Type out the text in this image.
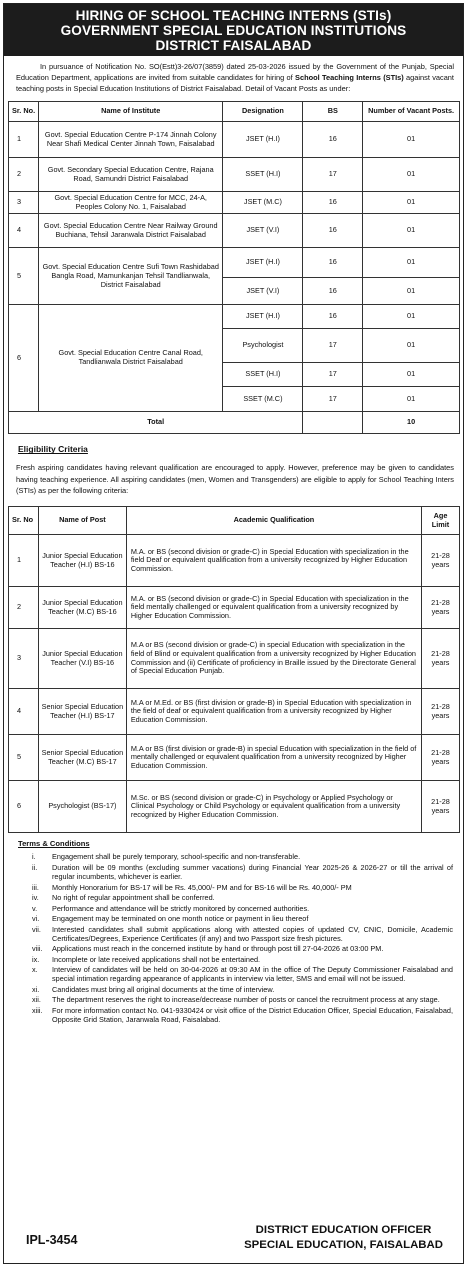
HIRING OF SCHOOL TEACHING INTERNS (STIs)
GOVERNMENT SPECIAL EDUCATION INSTITUTIONS
DISTRICT FAISALABAD

In pursuance of Notification No. SO(Estt)3-26/07(3859) dated 25-03-2026 issued by the Government of the Punjab, Special Education Department, applications are invited from suitable candidates for hiring of School Teaching Interns (STIs) against vacant teaching posts in Special Education Institutions of District Faisalabad. Detail of Vacant Posts as under:

Sr. No.	Name of Institute	Designation	BS	Number of Vacant Posts.
1	Govt. Special Education Centre P-174 Jinnah Colony Near Shafi Medical Center Jinnah Town, Faisalabad	JSET (H.I)	16	01
2	Govt. Secondary Special Education Centre, Rajana Road, Samundri District Faisalabad	SSET (H.I)	17	01
3	Govt. Special Education Centre for MCC, 24-A, Peoples Colony No. 1, Faisalabad	JSET (M.C)	16	01
4	Govt. Special Education Centre Near Railway Ground Buchiana, Tehsil Jaranwala District Faisalabad	JSET (V.I)	16	01
5	Govt. Special Education Centre Sufi Town Rashidabad Bangla Road, Mamunkanjan Tehsil Tandlianwala, District Faisalabad	JSET (H.I)	16	01
		JSET (V.I)	16	01
6	Govt. Special Education Centre Canal Road, Tandlianwala District Faisalabad	JSET (H.I)	16	01
		Psychologist	17	01
		SSET (H.I)	17	01
		SSET (M.C)	17	01
Total				10
Eligibility Criteria

Fresh aspiring candidates having relevant qualification are encouraged to apply. However, preference may be given to candidates having teaching experience. All aspiring candidates (men, Women and Transgenders) are eligible to apply for School Teaching Inters (STIs) as per the following criteria:

Sr. No	Name of Post	Academic Qualification	Age Limit
1	Junior Special Education Teacher (H.I) BS-16	M.A. or BS (second division or grade-C) in Special Education with specialization in the field Deaf or equivalent qualification from a university recognized by Higher Education Commission.	21-28 years
2	Junior Special Education Teacher (M.C) BS-16	M.A. or BS (second division or grade-C) in Special Education with specialization in the field mentally challenged or equivalent qualification from a university recognized by Higher Education Commission.	21-28 years
3	Junior Special Education Teacher (V.I) BS-16	M.A or BS (second division or grade-C) in special Education with specialization in the field of Blind or equivalent qualification from a university recognized by Higher Education Commission and (ii) Certificate of proficiency in Braille issued by the Directorate General of Special Education Punjab.	21-28 years
4	Senior Special Education Teacher (H.I) BS-17	M.A or M.Ed. or BS (first division or grade-B) in Special Education with specialization in the field of deaf or equivalent qualification from a university recognized by Higher Education Commission.	21-28 years
5	Senior Special Education Teacher (M.C) BS-17	M.A or BS (first division or grade-B) in special Education with specialization in the field of mentally challenged or equivalent qualification from a university recognized by Higher Education Commission.	21-28 years
6	Psychologist (BS-17)	M.Sc. or BS (second division or grade-C) in Psychology or Applied Psychology or Clinical Psychology or Child Psychology or equivalent qualification from a university recognized by Higher Education Commission.	21-28 years
Terms & Conditions
i.	Engagement shall be purely temporary, school-specific and non-transferable.
ii.	Duration will be 09 months (excluding summer vacations) during Financial Year 2025-26 & 2026-27 or till the arrival of regular incumbents, whichever is earlier.
iii.	Monthly Honorarium for BS-17 will be Rs. 45,000/- PM and for BS-16 will be Rs. 40,000/- PM
iv.	No right of regular appointment shall be conferred.
v.	Performance and attendance will be strictly monitored by concerned authorities.
vi.	Engagement may be terminated on one month notice or payment in lieu thereof
vii.	Interested candidates shall submit applications along with attested copies of updated CV, CNIC, Domicile, Academic Certificates/Degrees, Experience Certificates (if any) and two Passport size fresh pictures.
viii.	Applications must reach in the concerned institute by hand or through post till 27-04-2026 at 03:00 PM.
ix.	Incomplete or late received applications shall not be entertained.
x.	Interview of candidates will be held on 30-04-2026 at 09:30 AM in the office of The Deputy Commissioner Faisalabad and special intimation regarding appearance of applicants in interview via letter, SMS and email will not be issued.
xi.	Candidates must bring all original documents at the time of interview.
xii.	The department reserves the right to increase/decrease number of posts or cancel the recruitment process at any stage.
xiii.	For more information contact No. 041-9330424 or visit office of the District Education Officer, Special Education, Faisalabad, Opposite Grid Station, Jaranwala Road, Faisalabad.
IPL-3454
DISTRICT EDUCATION OFFICER
SPECIAL EDUCATION, FAISALABAD
